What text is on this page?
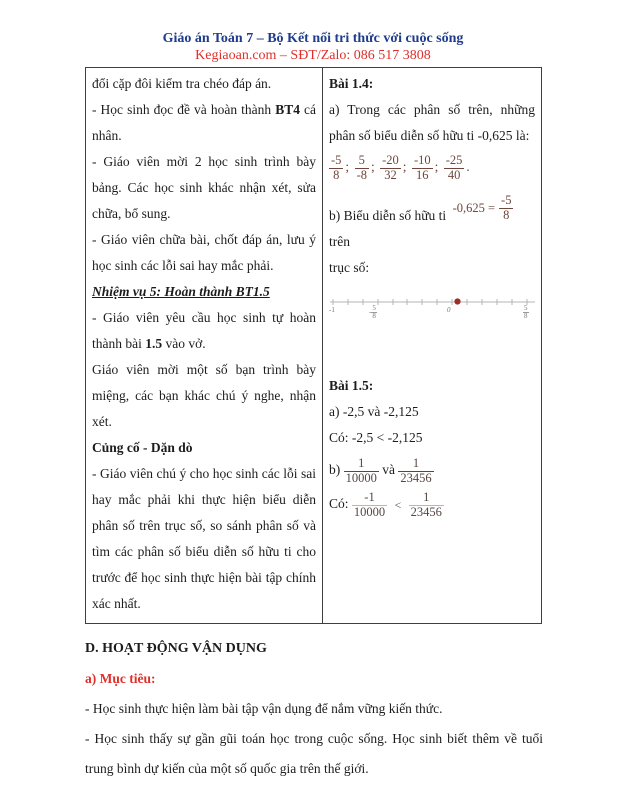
Giáo án Toán 7 – Bộ Kết nối tri thức với cuộc sống
Kegiaoan.com – SĐT/Zalo: 086 517 3808

đổi cặp đôi kiểm tra chéo đáp án.

- Học sinh đọc đề và hoàn thành BT4 cá nhân.

- Giáo viên mời 2 học sinh trình bày bảng. Các học sinh khác nhận xét, sửa chữa, bổ sung.

- Giáo viên chữa bài, chốt đáp án, lưu ý học sinh các lỗi sai hay mắc phải.

Nhiệm vụ 5: Hoàn thành BT1.5

- Giáo viên yêu cầu học sinh tự hoàn thành bài 1.5 vào vở.

Giáo viên mời một số bạn trình bày miệng, các bạn khác chú ý nghe, nhận xét.

Củng cố - Dặn dò

- Giáo viên chú ý cho học sinh các lỗi sai hay mắc phải khi thực hiện biểu diễn phân số trên trục số, so sánh phân số và tìm các phân số biểu diễn số hữu ti cho trước để học sinh thực hiện bài tập chính xác nhất.

Bài 1.4:

a) Trong các phân số trên, những phân số biểu diễn số hữu ti -0,625 là:

$\frac{-5}{8}$ ; $\frac{5}{-8}$ ; $\frac{-20}{32}$ ; $\frac{-10}{16}$ ; $\frac{-25}{40}$ .

b) Biểu diễn số hữu ti $-0,625 = \frac{-5}{8}$
trên
trục số:

-1	- 5
8
0	5
8

Bài 1.5:

a) -2,5 và -2,125

Có: -2,5 < -2,125

$b) \frac{1}{10000}$ và $\frac{1}{23456}$
Có: $\frac{-1}{10000} < \frac{1}{23456}$
D. HOẠT ĐỘNG VẬN DỤNG
a) Mục tiêu:
- Học sinh thực hiện làm bài tập vận dụng để nắm vững kiến thức.
- Học sinh thấy sự gần gũi toán học trong cuộc sống. Học sinh biết thêm về tuổi trung bình dự kiến của một số quốc gia trên thế giới.
